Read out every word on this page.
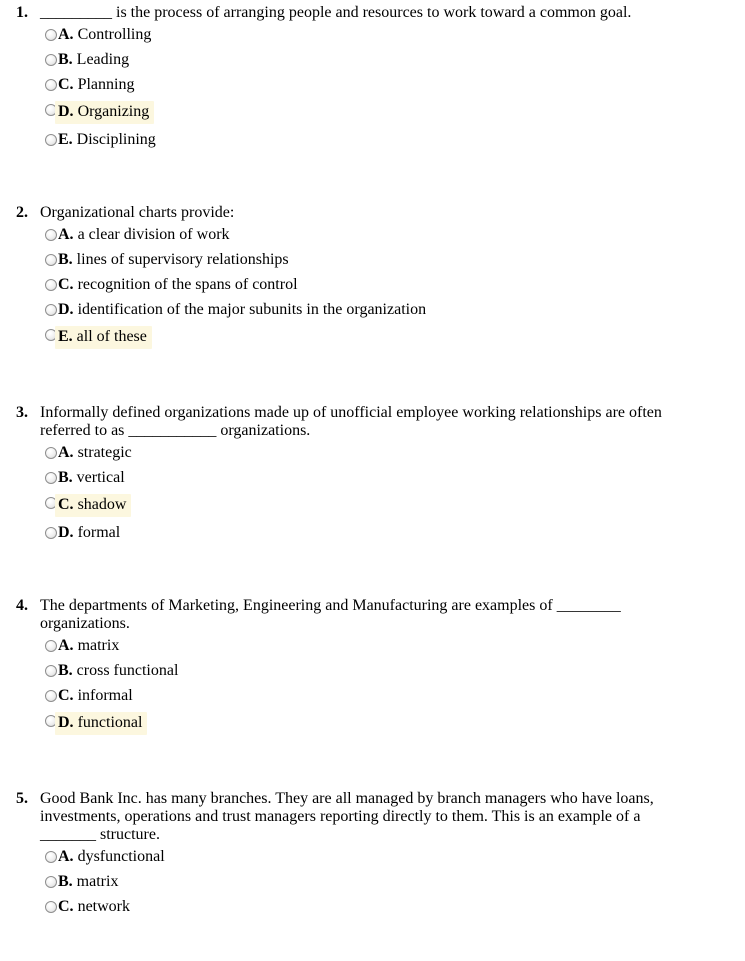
1. _________ is the process of arranging people and resources to work toward a common goal.
A. Controlling
B. Leading
C. Planning
D. Organizing
E. Disciplining
2. Organizational charts provide:
A. a clear division of work
B. lines of supervisory relationships
C. recognition of the spans of control
D. identification of the major subunits in the organization
E. all of these
3. Informally defined organizations made up of unofficial employee working relationships are often
referred to as ___________ organizations.
A. strategic
B. vertical
C. shadow
D. formal
4. The departments of Marketing, Engineering and Manufacturing are examples of ________
organizations.
A. matrix
B. cross functional
C. informal
D. functional
5. Good Bank Inc. has many branches. They are all managed by branch managers who have loans,
investments, operations and trust managers reporting directly to them. This is an example of a
_______ structure.
A. dysfunctional
B. matrix
C. network
